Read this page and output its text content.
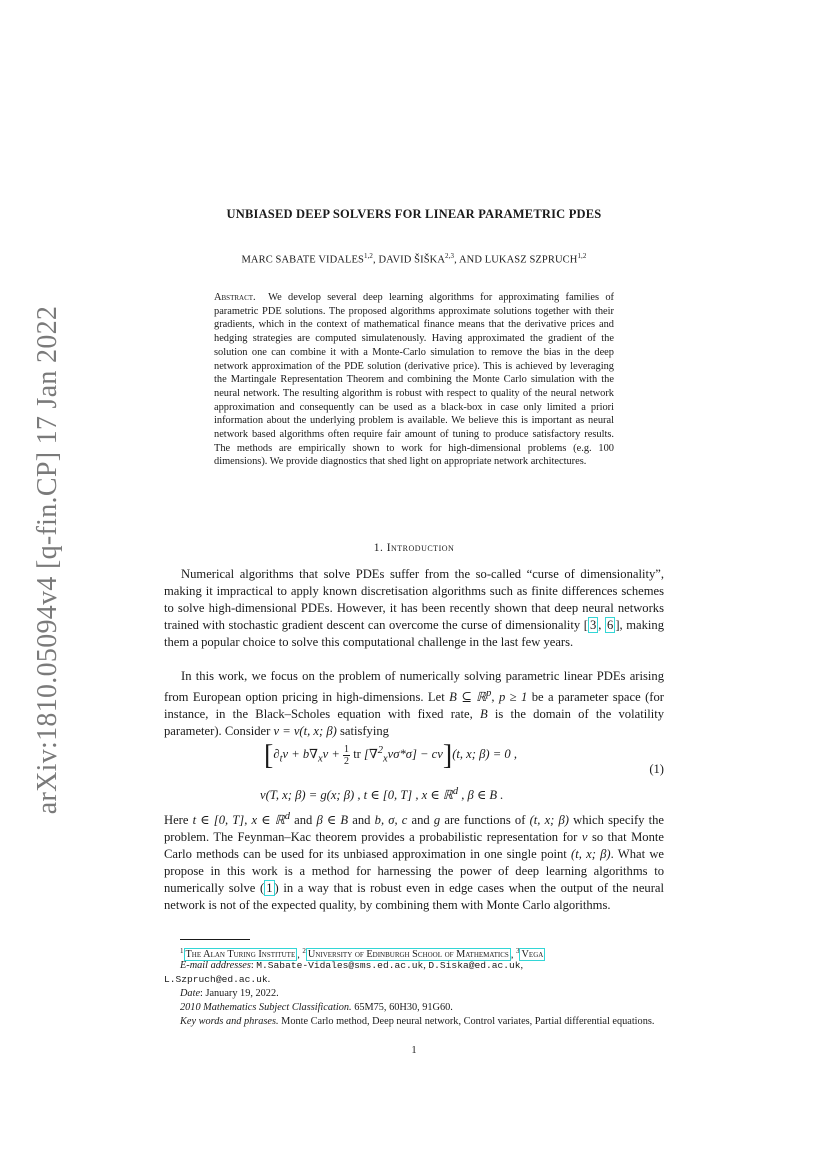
arXiv:1810.05094v4 [q-fin.CP] 17 Jan 2022
UNBIASED DEEP SOLVERS FOR LINEAR PARAMETRIC PDES
MARC SABATE VIDALES$^{1,2}$, DAVID ŠIŠKA$^{2,3}$, AND LUKASZ SZPRUCH$^{1,2}$

Abstract. We develop several deep learning algorithms for approximating families of parametric PDE solutions. The proposed algorithms approximate solutions together with their gradients, which in the context of mathematical finance means that the derivative prices and hedging strategies are computed simulatenously. Having approximated the gradient of the solution one can combine it with a Monte-Carlo simulation to remove the bias in the deep network approximation of the PDE solution (derivative price). This is achieved by leveraging the Martingale Representation Theorem and combining the Monte Carlo simulation with the neural network. The resulting algorithm is robust with respect to quality of the neural network approximation and consequently can be used as a black-box in case only limited a priori information about the underlying problem is available. We believe this is important as neural network based algorithms often require fair amount of tuning to produce satisfactory results. The methods are empirically shown to work for high-dimensional problems (e.g. 100 dimensions). We provide diagnostics that shed light on appropriate network architectures.

1. Introduction

Numerical algorithms that solve PDEs suffer from the so-called “curse of dimensionality”, making it impractical to apply known discretisation algorithms such as finite differences schemes to solve high-dimensional PDEs. However, it has been recently shown that deep neural networks trained with stochastic gradient descent can overcome the curse of dimensionality [ 3 , 6 ], making them a popular choice to solve this computational challenge in the last few years.

In this work, we focus on the problem of numerically solving parametric linear PDEs arising from European option pricing in high-dimensions. Let B ⊆ ℝ$^p$, p ≥ 1 be a parameter space (for instance, in the Black–Scholes equation with fixed rate, B is the domain of the volatility parameter). Consider v = v(t, x; β) satisfying

[$\partial_tv + b\nabla_xv + \frac{1}{2}$ tr [∇$^2_x$vσ*σ] − cv](t, x; β) = 0 ,
v(T, x; β) = g(x; β) , t ∈ [0, T] , x ∈ ℝ$^d$ , β ∈ B .
(1)

Here t ∈ [0, T], x ∈ ℝ$^d$ and β ∈ B and b, σ, c and g are functions of (t, x; β) which specify the problem. The Feynman–Kac theorem provides a probabilistic representation for v so that Monte Carlo methods can be used for its unbiased approximation in one single point (t, x; β). What we propose in this work is a method for harnessing the power of deep learning algorithms to numerically solve ( 1 ) in a way that is robust even in edge cases when the output of the neural network is not of the expected quality, by combining them with Monte Carlo algorithms.

$^1$ The Alan Turing Institute , $^2$ University of Edinburgh School of Mathematics , $^3$ Vega
E-mail addresses: M.Sabate-Vidales@sms.ed.ac.uk, D.Siska@ed.ac.uk,
L.Szpruch@ed.ac.uk.
Date: January 19, 2022.
2010 Mathematics Subject Classification. 65M75, 60H30, 91G60.
Key words and phrases. Monte Carlo method, Deep neural network, Control variates, Partial differential equations.
1
